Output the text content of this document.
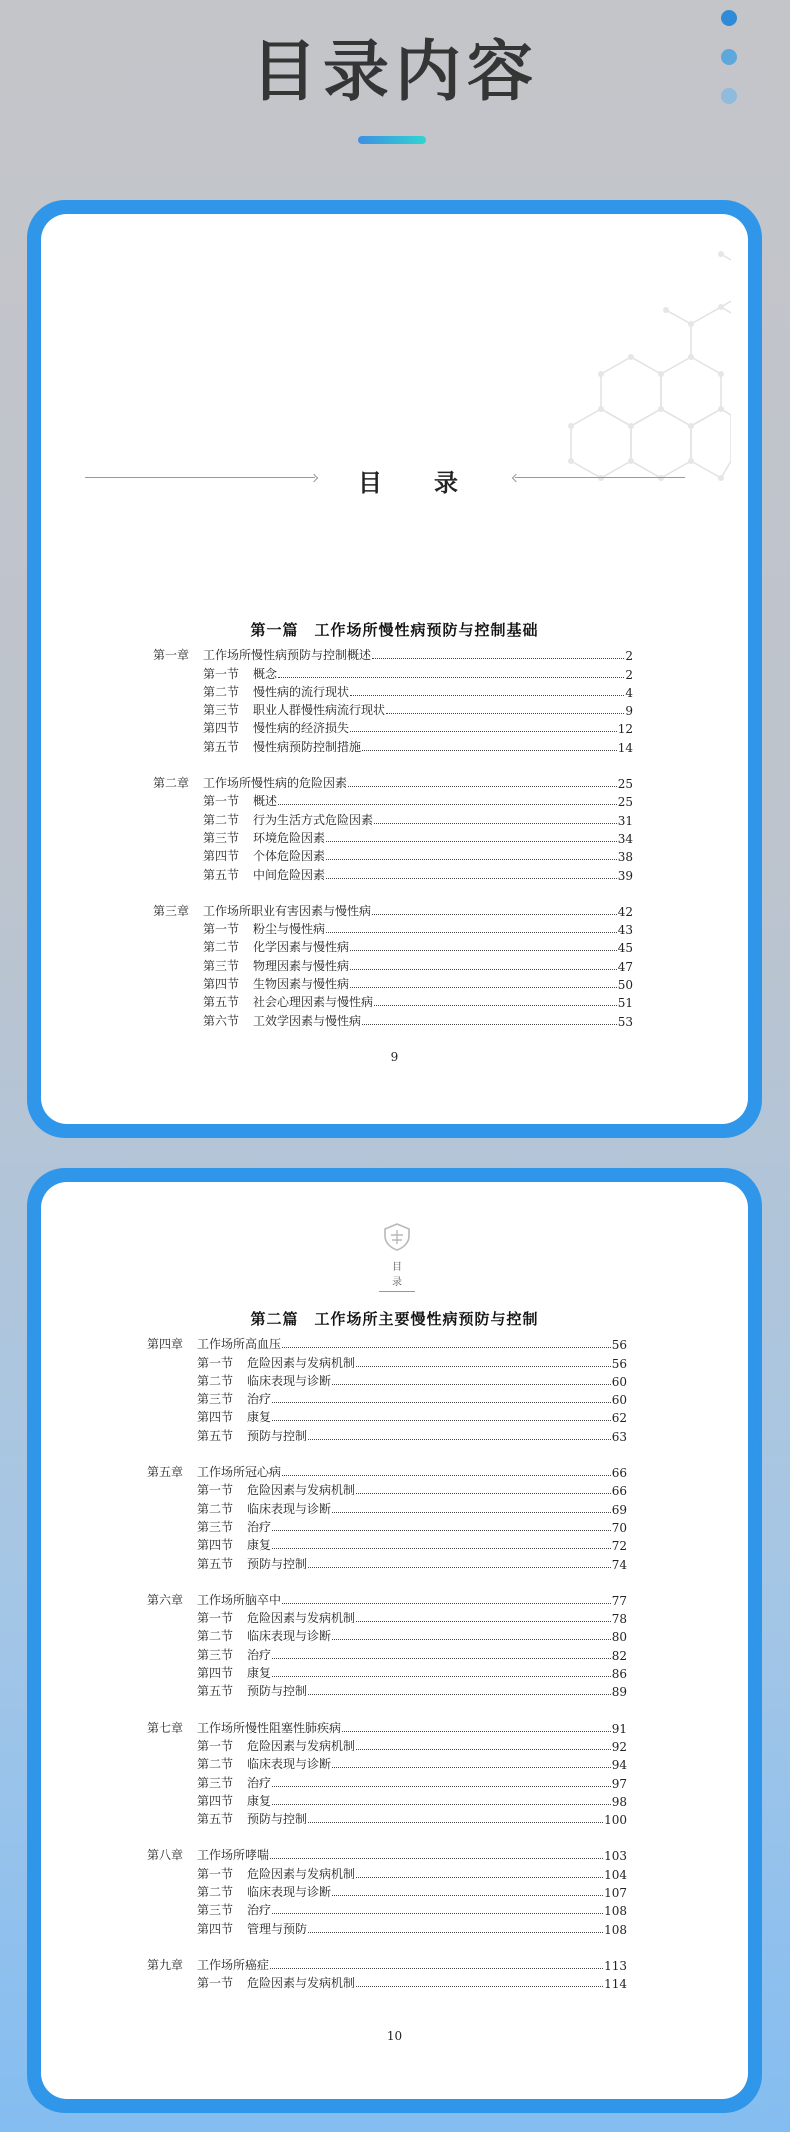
目录内容
目　录
第一篇　工作场所慢性病预防与控制基础
第一章	工作场所慢性病预防与控制概述	2
第一节	概念	2
第二节	慢性病的流行现状	4
第三节	职业人群慢性病流行现状	9
第四节	慢性病的经济损失	12
第五节	慢性病预防控制措施	14
第二章	工作场所慢性病的危险因素	25
第一节	概述	25
第二节	行为生活方式危险因素	31
第三节	环境危险因素	34
第四节	个体危险因素	38
第五节	中间危险因素	39
第三章	工作场所职业有害因素与慢性病	42
第一节	粉尘与慢性病	43
第二节	化学因素与慢性病	45
第三节	物理因素与慢性病	47
第四节	生物因素与慢性病	50
第五节	社会心理因素与慢性病	51
第六节	工效学因素与慢性病	53
9
目 录
第二篇　工作场所主要慢性病预防与控制
第四章	工作场所高血压	56
第一节	危险因素与发病机制	56
第二节	临床表现与诊断	60
第三节	治疗	60
第四节	康复	62
第五节	预防与控制	63
第五章	工作场所冠心病	66
第一节	危险因素与发病机制	66
第二节	临床表现与诊断	69
第三节	治疗	70
第四节	康复	72
第五节	预防与控制	74
第六章	工作场所脑卒中	77
第一节	危险因素与发病机制	78
第二节	临床表现与诊断	80
第三节	治疗	82
第四节	康复	86
第五节	预防与控制	89
第七章	工作场所慢性阻塞性肺疾病	91
第一节	危险因素与发病机制	92
第二节	临床表现与诊断	94
第三节	治疗	97
第四节	康复	98
第五节	预防与控制	100
第八章	工作场所哮喘	103
第一节	危险因素与发病机制	104
第二节	临床表现与诊断	107
第三节	治疗	108
第四节	管理与预防	108
第九章	工作场所癌症	113
第一节	危险因素与发病机制	114
10
